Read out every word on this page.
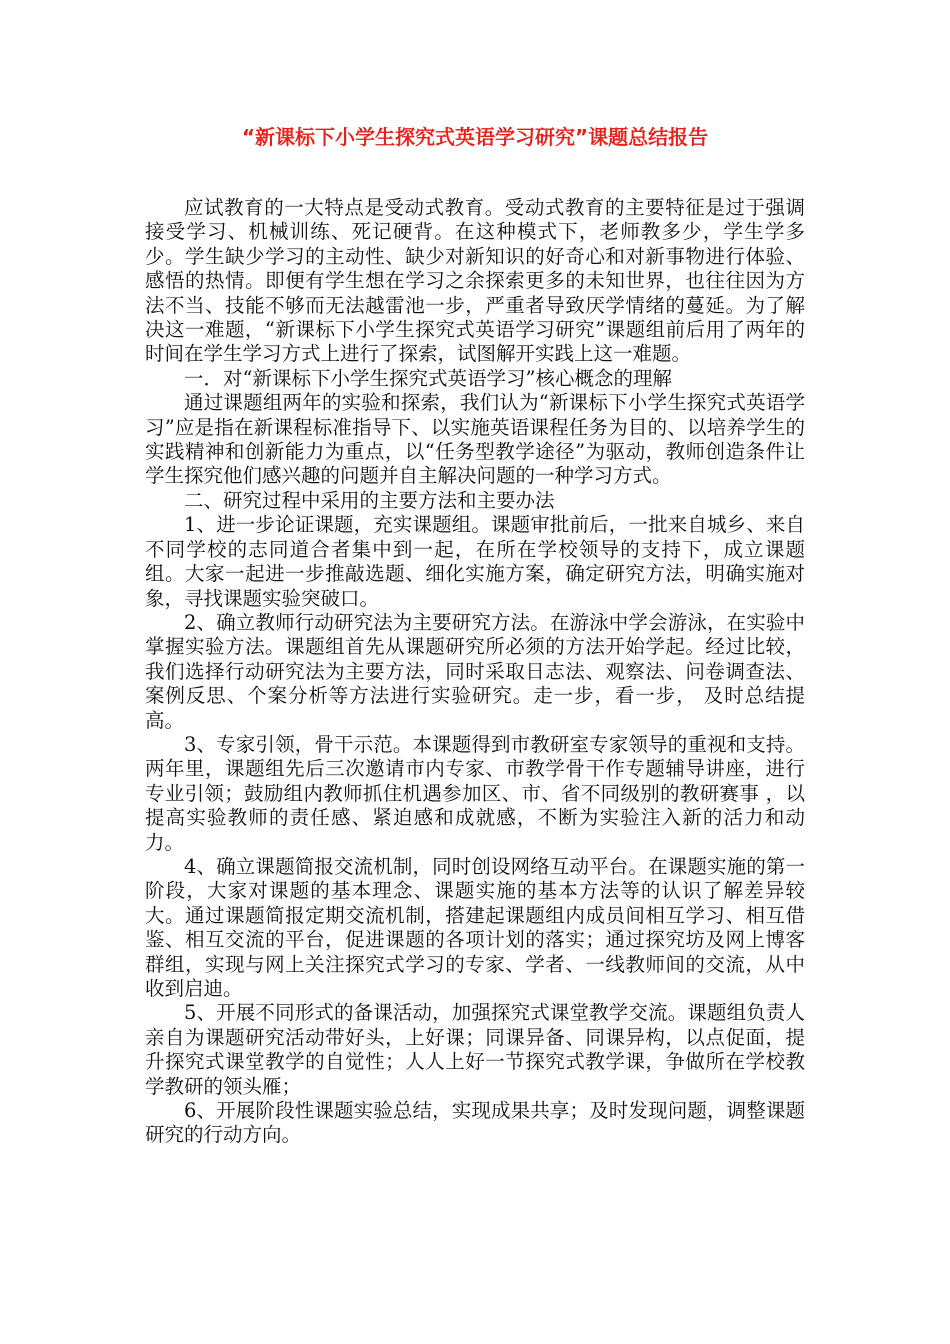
“新课标下小学生探究式英语学习研究”课题总结报告

应试教育的一大特点是受动式教育。受动式教育的主要特征是过于强调接受学习、机械训练、死记硬背。在这种模式下，老师教多少，学生学多少。学生缺少学习的主动性、缺少对新知识的好奇心和对新事物进行体验、感悟的热情。即便有学生想在学习之余探索更多的未知世界，也往往因为方法不当、技能不够而无法越雷池一步，严重者导致厌学情绪的蔓延。为了解决这一难题，“新课标下小学生探究式英语学习研究”课题组前后用了两年的时间在学生学习方式上进行了探索，试图解开实践上这一难题。

一．对“新课标下小学生探究式英语学习”核心概念的理解

通过课题组两年的实验和探索，我们认为“新课标下小学生探究式英语学习”应是指在新课程标准指导下、以实施英语课程任务为目的、以培养学生的实践精神和创新能力为重点，以“任务型教学途径”为驱动，教师创造条件让学生探究他们感兴趣的问题并自主解决问题的一种学习方式。

二、研究过程中采用的主要方法和主要办法

1、进一步论证课题，充实课题组。课题审批前后，一批来自城乡、来自不同学校的志同道合者集中到一起，在所在学校领导的支持下，成立课题组。大家一起进一步推敲选题、细化实施方案，确定研究方法，明确实施对象，寻找课题实验突破口。

2、确立教师行动研究法为主要研究方法。在游泳中学会游泳，在实验中掌握实验方法。课题组首先从课题研究所必须的方法开始学起。经过比较，我们选择行动研究法为主要方法，同时采取日志法、观察法、问卷调查法、案例反思、个案分析等方法进行实验研究。走一步，看一步， 及时总结提高。

3、专家引领，骨干示范。本课题得到市教研室专家领导的重视和支持。两年里，课题组先后三次邀请市内专家、市教学骨干作专题辅导讲座，进行专业引领；鼓励组内教师抓住机遇参加区、市、省不同级别的教研赛事 ，以提高实验教师的责任感、紧迫感和成就感，不断为实验注入新的活力和动力。

4、确立课题简报交流机制，同时创设网络互动平台。在课题实施的第一阶段，大家对课题的基本理念、课题实施的基本方法等的认识了解差异较大。通过课题简报定期交流机制，搭建起课题组内成员间相互学习、相互借鉴、相互交流的平台，促进课题的各项计划的落实；通过探究坊及网上博客群组，实现与网上关注探究式学习的专家、学者、一线教师间的交流，从中收到启迪。

5、开展不同形式的备课活动，加强探究式课堂教学交流。课题组负责人亲自为课题研究活动带好头，上好课；同课异备、同课异构，以点促面，提升探究式课堂教学的自觉性；人人上好一节探究式教学课，争做所在学校教学教研的领头雁；

6、开展阶段性课题实验总结，实现成果共享；及时发现问题，调整课题研究的行动方向。
